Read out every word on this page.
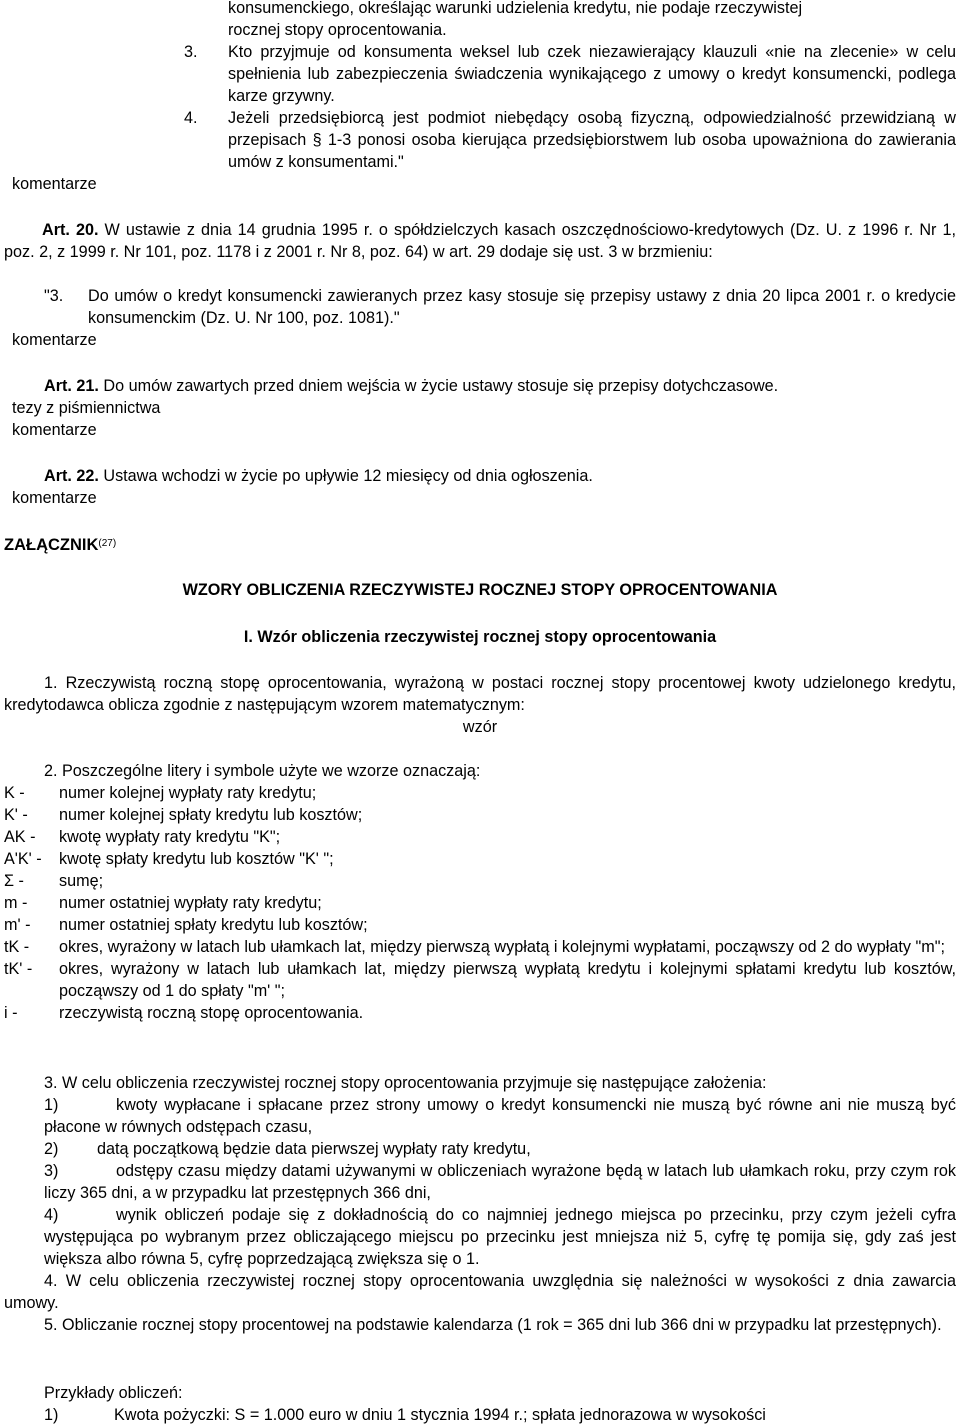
konsumenckiego, określając warunki udzielenia kredytu, nie podaje rzeczywistej
rocznej stopy oprocentowania.
3. Kto przyjmuje od konsumenta weksel lub czek niezawierający klauzuli «nie na zlecenie» w celu spełnienia lub zabezpieczenia świadczenia wynikającego z umowy o kredyt konsumencki, podlega karze grzywny.
4. Jeżeli przedsiębiorcą jest podmiot niebędący osobą fizyczną, odpowiedzialność przewidzianą w przepisach § 1-3 ponosi osoba kierująca przedsiębiorstwem lub osoba upoważniona do zawierania umów z konsumentami."
komentarze
Art. 20. W ustawie z dnia 14 grudnia 1995 r. o spółdzielczych kasach oszczędnościowo-kredytowych (Dz. U. z 1996 r. Nr 1, poz. 2, z 1999 r. Nr 101, poz. 1178 i z 2001 r. Nr 8, poz. 64) w art. 29 dodaje się ust. 3 w brzmieniu:
"3. Do umów o kredyt konsumencki zawieranych przez kasy stosuje się przepisy ustawy z dnia 20 lipca 2001 r. o kredycie konsumenckim (Dz. U. Nr 100, poz. 1081)."
komentarze
Art. 21. Do umów zawartych przed dniem wejścia w życie ustawy stosuje się przepisy dotychczasowe.
tezy z piśmiennictwa
komentarze
Art. 22. Ustawa wchodzi w życie po upływie 12 miesięcy od dnia ogłoszenia.
komentarze
ZAŁĄCZNIK$^{(27)}$
WZORY OBLICZENIA RZECZYWISTEJ ROCZNEJ STOPY OPROCENTOWANIA
I. Wzór obliczenia rzeczywistej rocznej stopy oprocentowania
1. Rzeczywistą roczną stopę oprocentowania, wyrażoną w postaci rocznej stopy procentowej kwoty udzielonego kredytu, kredytodawca oblicza zgodnie z następującym wzorem matematycznym:
wzór
2. Poszczególne litery i symbole użyte we wzorze oznaczają:
K -	numer kolejnej wypłaty raty kredytu;
K' -	numer kolejnej spłaty kredytu lub kosztów;
AK -	kwotę wypłaty raty kredytu "K";
A'K' -	kwotę spłaty kredytu lub kosztów "K' ";
Σ -	sumę;
m -	numer ostatniej wypłaty raty kredytu;
m' -	numer ostatniej spłaty kredytu lub kosztów;
tK -	okres, wyrażony w latach lub ułamkach lat, między pierwszą wypłatą i kolejnymi wypłatami, począwszy od 2 do wypłaty "m";
tK' -	okres, wyrażony w latach lub ułamkach lat, między pierwszą wypłatą kredytu i kolejnymi spłatami kredytu lub kosztów, począwszy od 1 do spłaty "m' ";
i -	rzeczywistą roczną stopę oprocentowania.
3. W celu obliczenia rzeczywistej rocznej stopy oprocentowania przyjmuje się następujące założenia:
1)	kwoty wypłacane i spłacane przez strony umowy o kredyt konsumencki nie muszą być równe ani nie muszą być płacone w równych odstępach czasu,
2) datą początkową będzie data pierwszej wypłaty raty kredytu,
3)	odstępy czasu między datami używanymi w obliczeniach wyrażone będą w latach lub ułamkach roku, przy czym rok liczy 365 dni, a w przypadku lat przestępnych 366 dni,
4)	wynik obliczeń podaje się z dokładnością do co najmniej jednego miejsca po przecinku, przy czym jeżeli cyfra występująca po wybranym przez obliczającego miejscu po przecinku jest mniejsza niż 5, cyfrę tę pomija się, gdy zaś jest większa albo równa 5, cyfrę poprzedzającą zwiększa się o 1.
4. W celu obliczenia rzeczywistej rocznej stopy oprocentowania uwzględnia się należności w wysokości z dnia zawarcia umowy.
5. Obliczanie rocznej stopy procentowej na podstawie kalendarza (1 rok = 365 dni lub 366 dni w przypadku lat przestępnych).
Przykłady obliczeń:
1)	Kwota pożyczki: S = 1.000 euro w dniu 1 stycznia 1994 r.; spłata jednorazowa w wysokości
